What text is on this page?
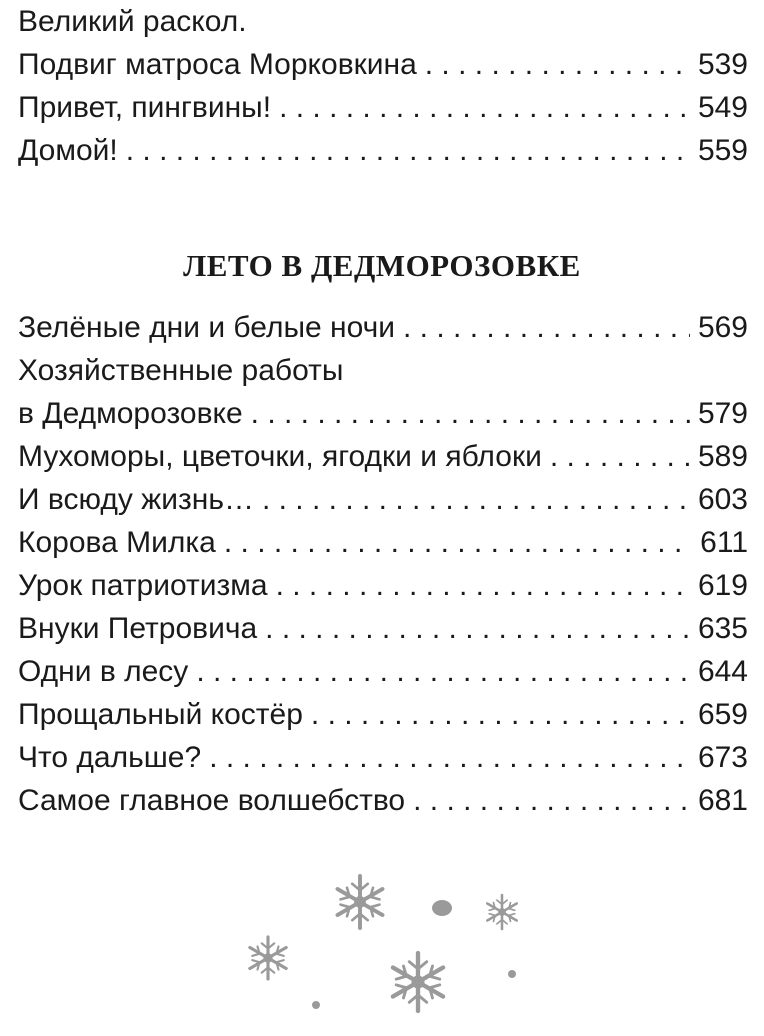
Великий раскол.
Подвиг матроса Морковкина . . .	539
Привет, пингвины! . . .	549
Домой! . . .	559
ЛЕТО В ДЕДМОРОЗОВКЕ
Зелёные дни и белые ночи . . .	569
Хозяйственные работы
в Дедморозовке . . .	579
Мухоморы, цветочки, ягодки и яблоки . . .	589
И всюду жизнь… . . .	603
Корова Милка . . .	611
Урок патриотизма . . .	619
Внуки Петровича . . .	635
Одни в лесу . . .	644
Прощальный костёр . . .	659
Что дальше? . . .	673
Самое главное волшебство . . .	681
